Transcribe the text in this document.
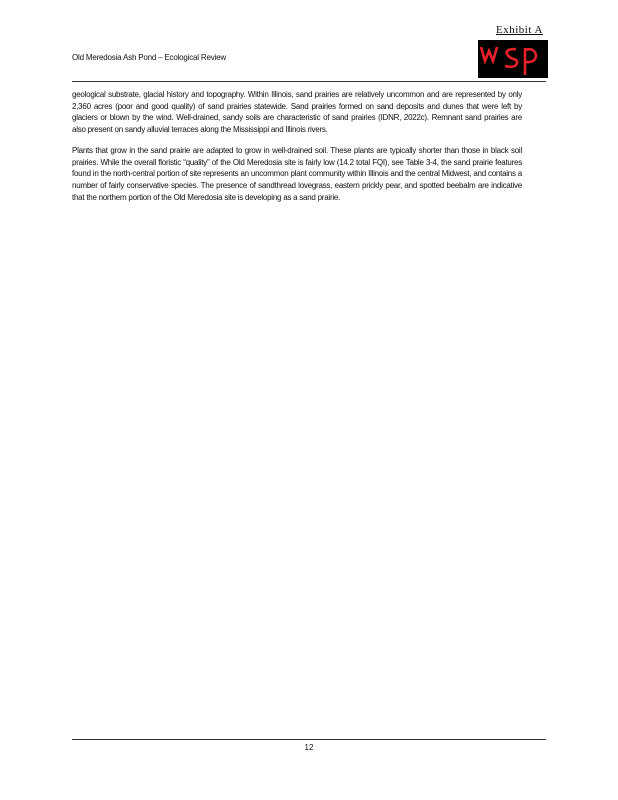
Exhibit A
Old Meredosia Ash Pond – Ecological Review

geological substrate, glacial history and topography. Within Illinois, sand prairies are relatively uncommon and are represented by only 2,360 acres (poor and good quality) of sand prairies statewide. Sand prairies formed on sand deposits and dunes that were left by glaciers or blown by the wind. Well-drained, sandy soils are characteristic of sand prairies (IDNR, 2022c). Remnant sand prairies are also present on sandy alluvial terraces along the Mississippi and Illinois rivers.

Plants that grow in the sand prairie are adapted to grow in well-drained soil. These plants are typically shorter than those in black soil prairies. While the overall floristic “quality” of the Old Meredosia site is fairly low (14.2 total FQI), see Table 3-4, the sand prairie features found in the north-central portion of site represents an uncommon plant community within Illinois and the central Midwest, and contains a number of fairly conservative species. The presence of sandthread lovegrass, eastern prickly pear, and spotted beebalm are indicative that the northern portion of the Old Meredosia site is developing as a sand prairie.

12
